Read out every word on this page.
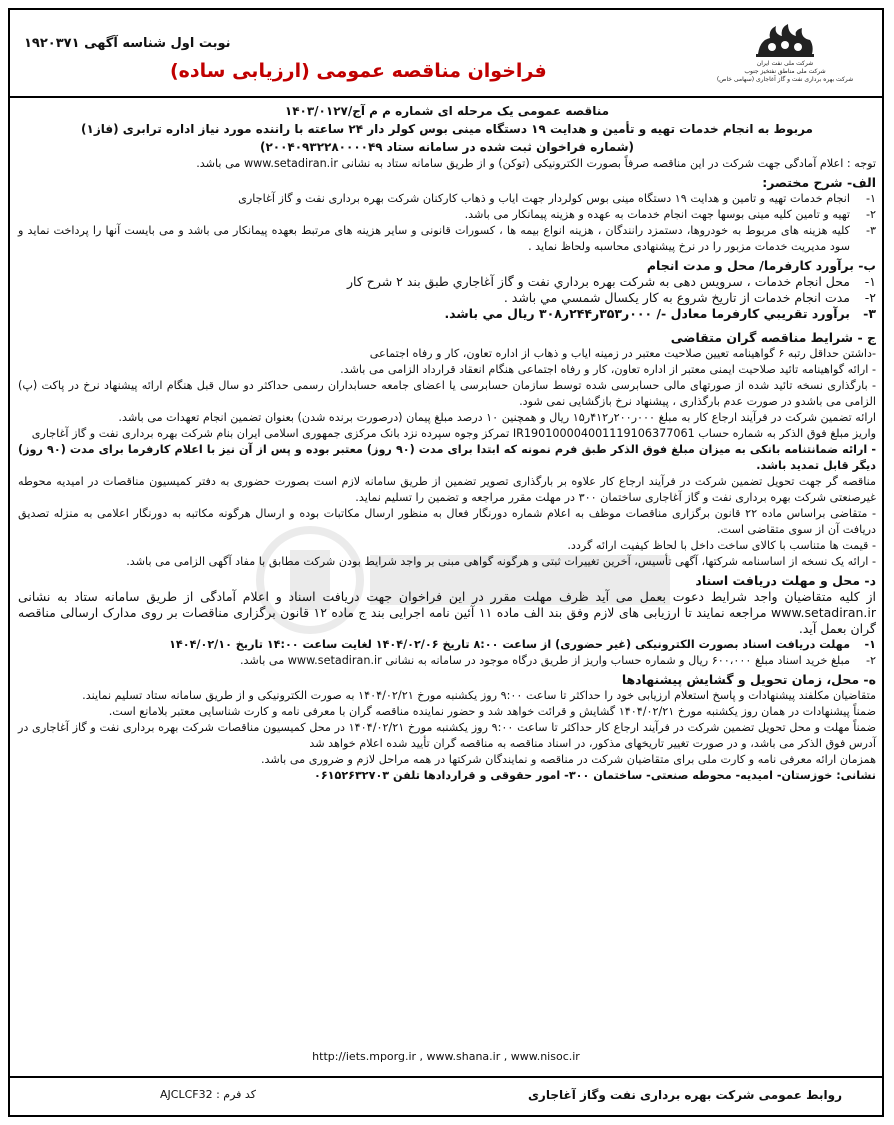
شرکت ملی نفت ایران
شرکت ملی مناطق نفتخیز جنوب
شرکت بهره برداری نفت و گاز آغاجاری (سهامی خاص)
نوبت اول شناسه آگهی ۱۹۲۰۳۷۱
فراخوان مناقصه عمومی (ارزیابی ساده)

مناقصه عمومی یک مرحله ای شماره م م آج/۱۴۰۳/۰۱۲۷

مربوط به انجام خدمات تهیه و تأمین و هدایت ۱۹ دستگاه مینی بوس کولر دار ۲۴ ساعته با راننده مورد نیاز اداره ترابری (فاز۱)

(شماره فراخوان ثبت شده در سامانه ستاد ۲۰۰۴۰۹۳۲۲۸۰۰۰۰۴۹)

توجه : اعلام آمادگی جهت شرکت در این مناقصه صرفاً بصورت الکترونیکی (توکن) و از طریق سامانه ستاد به نشانی www.setadiran.ir می باشد.

الف- شرح مختصر:

۱-
انجام خدمات تهیه و تامین و هدایت ۱۹ دستگاه مینی بوس کولردار جهت ایاب و ذهاب کارکنان شرکت بهره برداری نفت و گاز آغاجاری
۲-
تهیه و تامین کلیه مینی بوسها جهت انجام خدمات به عهده و هزینه پیمانکار می باشد.
۳-
کلیه هزینه های مربوط به خودروها، دستمزد رانندگان ، هزینه انواع بیمه ها ، کسورات قانونی و سایر هزینه های مرتبط بعهده پیمانکار می باشد و می بایست آنها را پرداخت نماید و سود مدیریت خدمات مزبور را در نرخ پیشنهادی محاسبه ولحاظ نماید .

ب- برآورد کارفرما/ محل و مدت انجام

۱-
محل انجام خدمات ، سرويس دهی به شركت بهره برداري نفت و گاز آغاجاري طبق بند ۲ شرح كار
۲-
مدت انجام خدمات از تاريخ شروع به كار يكسال شمسي مي باشد .
۳-
برآورد تقريبي كارفرما معادل -/ ۰۰۰ر۳۵۳ر۲۴۴ر۳۰۸ ريال مي باشد.

ج - شرایط مناقصه گران متقاضی

-داشتن حداقل رتبه ۶ گواهینامه تعیین صلاحیت معتبر در زمینه ایاب و ذهاب از اداره تعاون، کار و رفاه اجتماعی

- ارائه گواهینامه تائید صلاحیت ایمنی معتبر از اداره تعاون، کار و رفاه اجتماعی هنگام انعقاد قرارداد الزامی می باشد.

- بارگذاری نسخه تائید شده از صورتهای مالی حسابرسی شده توسط سازمان حسابرسی یا اعضای جامعه حسابداران رسمی حداکثر دو سال قبل هنگام ارائه پیشنهاد نرخ در پاکت (پ) الزامی می باشدو در صورت عدم بارگذاری ، پیشنهاد نرخ بازگشایی نمی شود.

ارائه تضمین شرکت در فرآیند ارجاع کار به مبلغ ۰۰۰ر۲۰۰ر۴۱۲ر۱۵ ریال و همچنین ۱۰ درصد مبلغ پیمان (درصورت برنده شدن) بعنوان تضمین انجام تعهدات می باشد.

واریز مبلغ فوق الذکر به شماره حساب IR190100004001119106377061 تمرکز وجوه سپرده نزد بانک مرکزی جمهوری اسلامی ایران بنام شرکت بهره برداری نفت و گاز آغاجاری

- ارائه ضمانتنامه بانکی به میزان مبلغ فوق الذکر طبق فرم نمونه که ابتدا برای مدت (۹۰ روز) معتبر بوده و پس از آن نیز با اعلام کارفرما برای مدت (۹۰ روز) دیگر قابل تمدید باشد.

مناقصه گر جهت تحویل تضمین شرکت در فرآیند ارجاع کار علاوه بر بارگذاری تصویر تضمین از طریق سامانه لازم است بصورت حضوری به دفتر کمیسیون مناقصات در امیدیه محوطه غیرصنعتی شرکت بهره برداری نفت و گاز آغاجاری ساختمان ۳۰۰ در مهلت مقرر مراجعه و تضمین را تسلیم نماید.

- متقاضی براساس ماده ۲۲ قانون برگزاری مناقصات موظف به اعلام شماره دورنگار فعال به منظور ارسال مکاتبات بوده و ارسال هرگونه مکاتبه به دورنگار اعلامی به منزله تصدیق دریافت آن از سوی متقاضی است.

- قیمت ها متناسب با کالای ساخت داخل با لحاظ کیفیت ارائه گردد.

- ارائه یک نسخه از اساسنامه شرکتها، آگهی تأسیس، آخرین تغییرات ثبتی و هرگونه گواهی مبنی بر واجد شرایط بودن شرکت مطابق با مفاد آگهی الزامی می باشد.

د- محل و مهلت دریافت اسناد

از کلیه متقاضیان واجد شرایط دعوت بعمل می آید ظرف مهلت مقرر در این فراخوان جهت دریافت اسناد و اعلام آمادگی از طریق سامانه ستاد به نشانی www.setadiran.ir مراجعه نمایند تا ارزیابی های لازم وفق بند الف ماده ۱۱ آئین نامه اجرایی بند ج ماده ۱۲ قانون برگزاری مناقصات بر روی مدارک ارسالی مناقصه گران بعمل آید.

۱-
مهلت دریافت اسناد بصورت الکترونیکی (غیر حضوری) از ساعت ۸:۰۰ تاریخ ۱۴۰۴/۰۲/۰۶ لغایت ساعت ۱۴:۰۰ تاریخ ۱۴۰۴/۰۲/۱۰
۲-
مبلغ خرید اسناد مبلغ ۶۰۰،۰۰۰ ریال و شماره حساب واریز از طریق درگاه موجود در سامانه به نشانی www.setadiran.ir می باشد.

ه- محل، زمان تحویل و گشایش پیشنهادها

متقاضیان مکلفند پیشنهادات و پاسخ استعلام ارزیابی خود را حداکثر تا ساعت ۹:۰۰ روز یکشنبه مورخ ۱۴۰۴/۰۲/۲۱ به صورت الکترونیکی و از طریق سامانه ستاد تسلیم نمایند.

ضمناً پیشنهادات در همان روز یکشنبه مورخ ۱۴۰۴/۰۲/۲۱ گشایش و قرائت خواهد شد و حضور نماینده مناقصه گران با معرفی نامه و کارت شناسایی معتبر بلامانع است.

ضمناً مهلت و محل تحویل تضمین شرکت در فرآیند ارجاع کار حداکثر تا ساعت ۹:۰۰ روز یکشنبه مورخ ۱۴۰۴/۰۲/۲۱ در محل کمیسیون مناقصات شرکت بهره برداری نفت و گاز آغاجاری در آدرس فوق الذکر می باشد، و در صورت تغییر تاریخهای مذکور، در اسناد مناقصه به مناقصه گران تأیید شده اعلام خواهد شد

همزمان ارائه معرفی نامه و کارت ملی برای متقاضیان شرکت در مناقصه و نمایندگان شرکتها در همه مراحل لازم و ضروری می باشد.

نشانی: خوزستان- امیدیه- محوطه صنعتی- ساختمان ۳۰۰- امور حقوقی و قراردادها تلفن ۰۶۱۵۲۶۳۲۷۰۳

http://iets.mporg.ir , www.shana.ir , www.nisoc.ir
روابط عمومی شرکت بهره برداری نفت وگاز آغاجاری
کد فرم : AJCLCF32
